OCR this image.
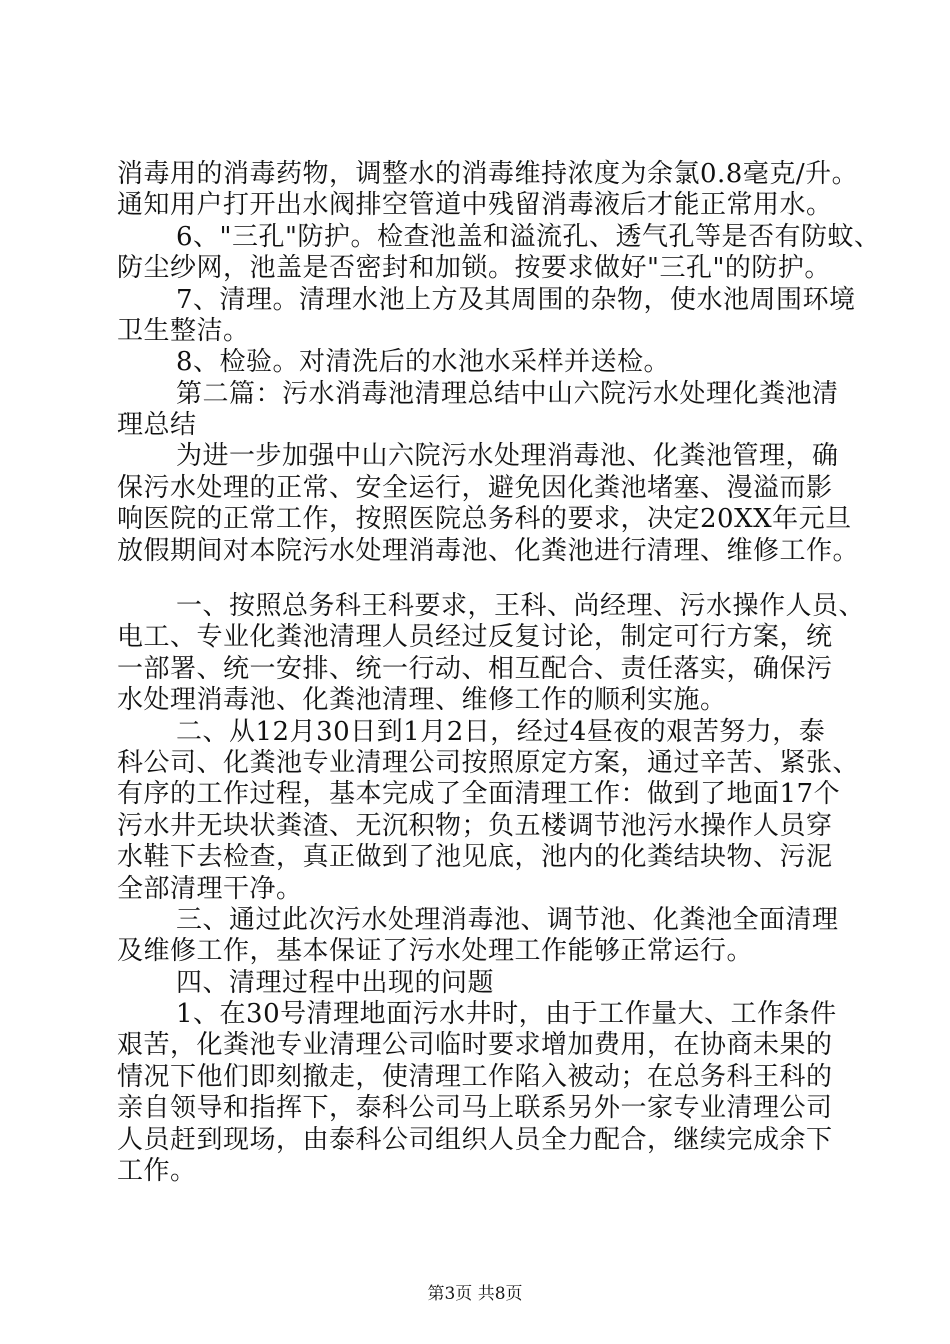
消毒用的消毒药物，调整水的消毒维持浓度为余氯0.8毫克/升。
通知用户打开出水阀排空管道中残留消毒液后才能正常用水。
6、"三孔"防护。检查池盖和溢流孔、透气孔等是否有防蚊、
防尘纱网，池盖是否密封和加锁。按要求做好"三孔"的防护。
7、清理。清理水池上方及其周围的杂物，使水池周围环境
卫生整洁。
8、检验。对清洗后的水池水采样并送检。
第二篇：污水消毒池清理总结中山六院污水处理化粪池清
理总结
为进一步加强中山六院污水处理消毒池、化粪池管理，确
保污水处理的正常、安全运行，避免因化粪池堵塞、漫溢而影
响医院的正常工作，按照医院总务科的要求，决定20XX年元旦
放假期间对本院污水处理消毒池、化粪池进行清理、维修工作。
一、按照总务科王科要求，王科、尚经理、污水操作人员、
电工、专业化粪池清理人员经过反复讨论，制定可行方案，统
一部署、统一安排、统一行动、相互配合、责任落实，确保污
水处理消毒池、化粪池清理、维修工作的顺利实施。
二、从12月30日到1月2日，经过4昼夜的艰苦努力，泰
科公司、化粪池专业清理公司按照原定方案，通过辛苦、紧张、
有序的工作过程，基本完成了全面清理工作：做到了地面17个
污水井无块状粪渣、无沉积物；负五楼调节池污水操作人员穿
水鞋下去检查，真正做到了池见底，池内的化粪结块物、污泥
全部清理干净。
三、通过此次污水处理消毒池、调节池、化粪池全面清理
及维修工作，基本保证了污水处理工作能够正常运行。
四、清理过程中出现的问题
1、在30号清理地面污水井时，由于工作量大、工作条件
艰苦，化粪池专业清理公司临时要求增加费用，在协商未果的
情况下他们即刻撤走，使清理工作陷入被动；在总务科王科的
亲自领导和指挥下，泰科公司马上联系另外一家专业清理公司
人员赶到现场，由泰科公司组织人员全力配合，继续完成余下
工作。
第3页 共8页
